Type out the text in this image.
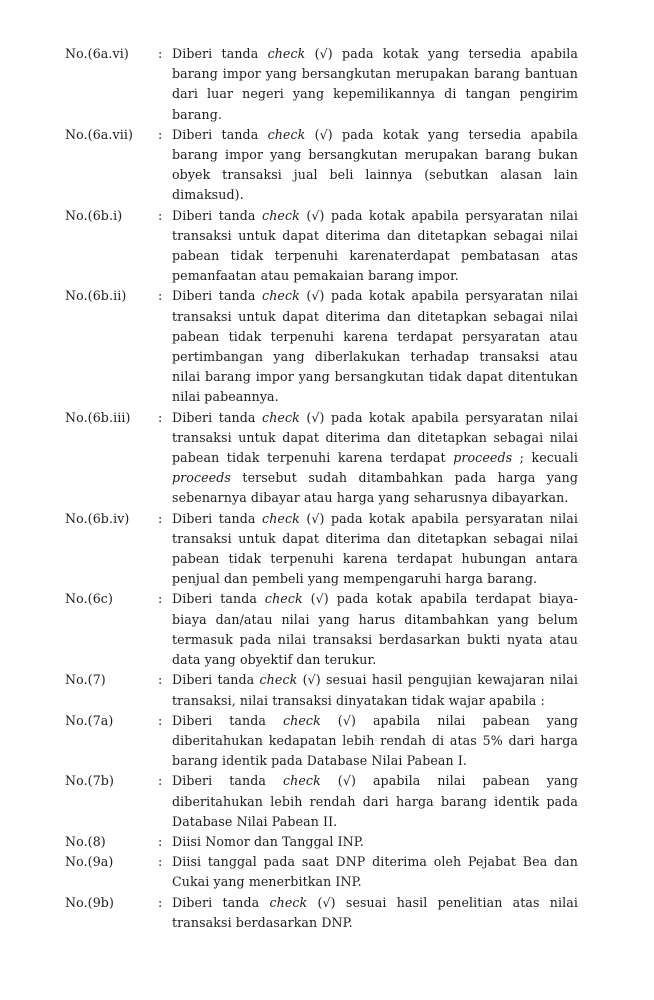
No.(6a.vi)	: Diberi tanda check (√) pada kotak yang tersedia apabila barang impor yang bersangkutan merupakan barang bantuan dari luar negeri yang kepemilikannya di tangan pengirim barang.
No.(6a.vii)	: Diberi tanda check (√) pada kotak yang tersedia apabila barang impor yang bersangkutan merupakan barang bukan obyek transaksi jual beli lainnya (sebutkan alasan lain dimaksud).
No.(6b.i)	: Diberi tanda check (√) pada kotak apabila persyaratan nilai transaksi untuk dapat diterima dan ditetapkan sebagai nilai pabean tidak terpenuhi karenaterdapat pembatasan atas pemanfaatan atau pemakaian barang impor.
No.(6b.ii)	: Diberi tanda check (√) pada kotak apabila persyaratan nilai transaksi untuk dapat diterima dan ditetapkan sebagai nilai pabean tidak terpenuhi karena terdapat persyaratan atau pertimbangan yang diberlakukan terhadap transaksi atau nilai barang impor yang bersangkutan tidak dapat ditentukan nilai pabeannya.
No.(6b.iii)	: Diberi tanda check (√) pada kotak apabila persyaratan nilai transaksi untuk dapat diterima dan ditetapkan sebagai nilai pabean tidak terpenuhi karena terdapat proceeds ; kecuali proceeds tersebut sudah ditambahkan pada harga yang sebenarnya dibayar atau harga yang seharusnya dibayarkan.
No.(6b.iv)	: Diberi tanda check (√) pada kotak apabila persyaratan nilai transaksi untuk dapat diterima dan ditetapkan sebagai nilai pabean tidak terpenuhi karena terdapat hubungan antara penjual dan pembeli yang mempengaruhi harga barang.
No.(6c)	: Diberi tanda check (√) pada kotak apabila terdapat biaya-biaya dan/atau nilai yang harus ditambahkan yang belum termasuk pada nilai transaksi berdasarkan bukti nyata atau data yang obyektif dan terukur.
No.(7)	: Diberi tanda check (√) sesuai hasil pengujian kewajaran nilai transaksi, nilai transaksi dinyatakan tidak wajar apabila :
No.(7a)	: Diberi tanda check (√) apabila nilai pabean yang diberitahukan kedapatan lebih rendah di atas 5% dari harga barang identik pada Database Nilai Pabean I.
No.(7b)	: Diberi tanda check (√) apabila nilai pabean yang diberitahukan lebih rendah dari harga barang identik pada Database Nilai Pabean II.
No.(8)	: Diisi Nomor dan Tanggal INP.
No.(9a)	: Diisi tanggal pada saat DNP diterima oleh Pejabat Bea dan Cukai yang menerbitkan INP.
No.(9b)	: Diberi tanda check (√) sesuai hasil penelitian atas nilai transaksi berdasarkan DNP.
